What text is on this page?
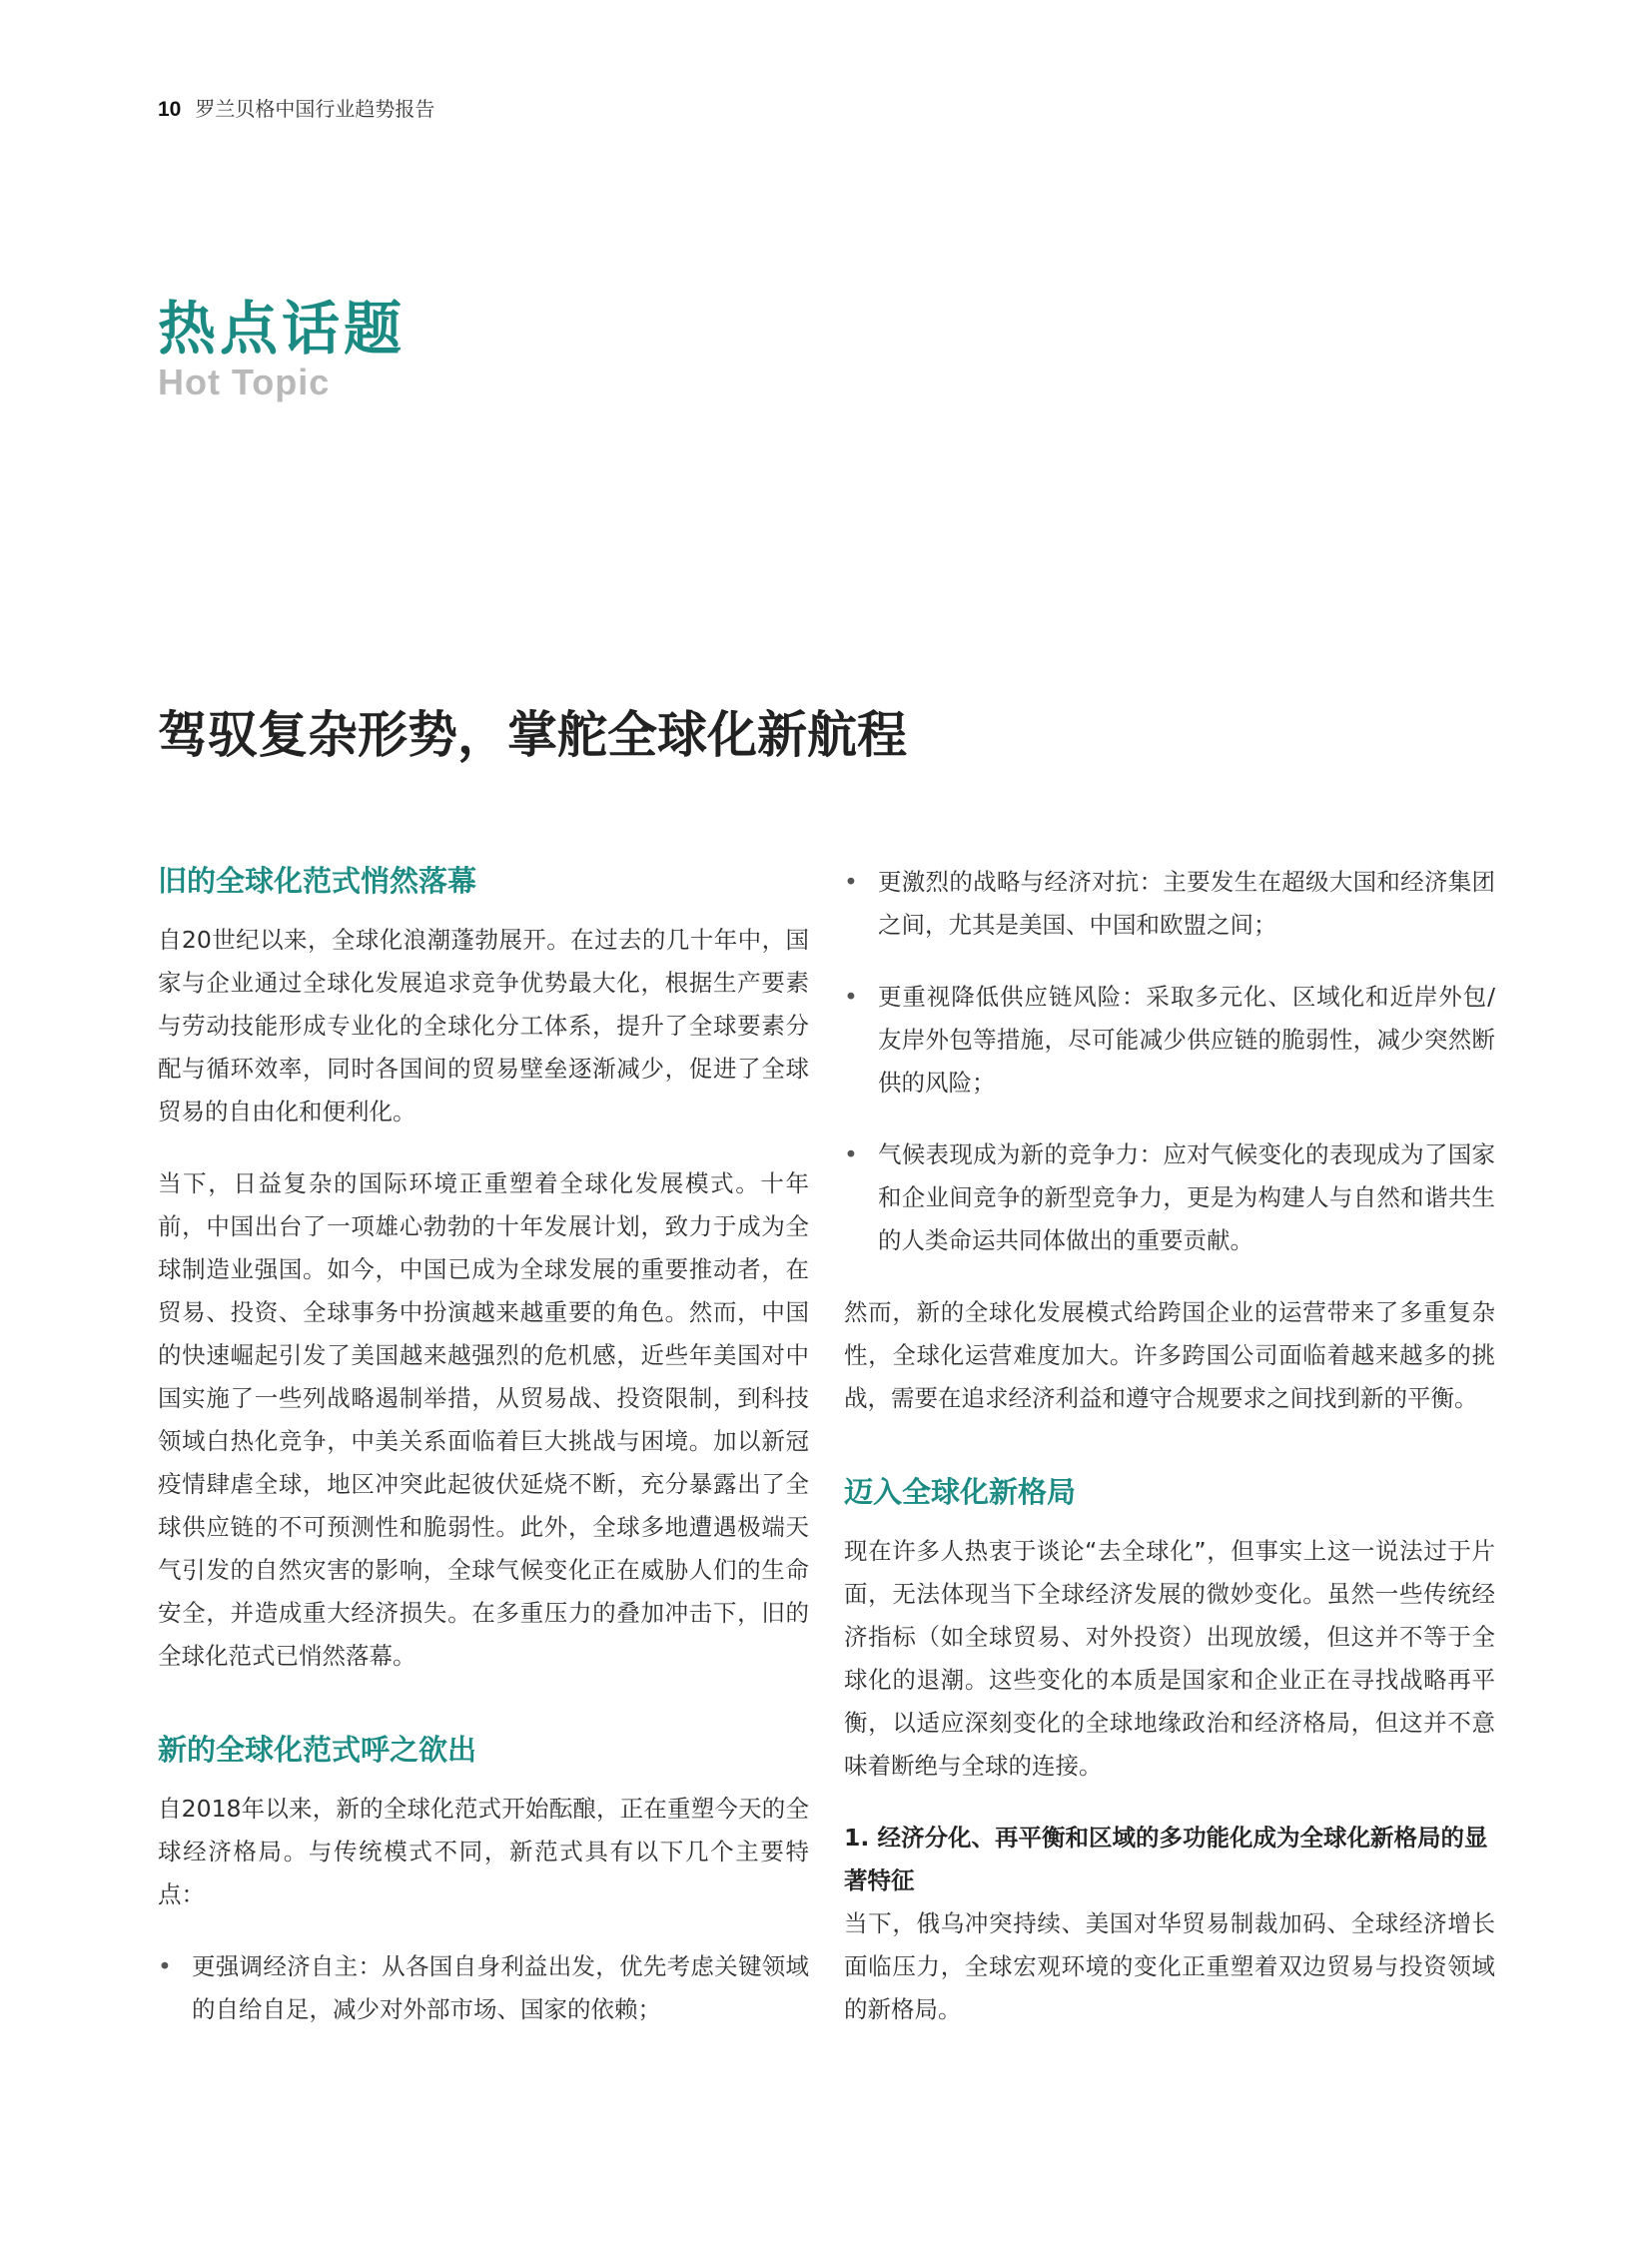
10 罗兰贝格中国行业趋势报告
热点话题
Hot Topic
驾驭复杂形势，掌舵全球化新航程
旧的全球化范式悄然落幕

自20世纪以来，全球化浪潮蓬勃展开。在过去的几十年中，国家与企业通过全球化发展追求竞争优势最大化，根据生产要素与劳动技能形成专业化的全球化分工体系，提升了全球要素分配与循环效率，同时各国间的贸易壁垒逐渐减少，促进了全球贸易的自由化和便利化。

当下，日益复杂的国际环境正重塑着全球化发展模式。十年前，中国出台了一项雄心勃勃的十年发展计划，致力于成为全球制造业强国。如今，中国已成为全球发展的重要推动者，在贸易、投资、全球事务中扮演越来越重要的角色。然而，中国的快速崛起引发了美国越来越强烈的危机感，近些年美国对中国实施了一些列战略遏制举措，从贸易战、投资限制，到科技领域白热化竞争，中美关系面临着巨大挑战与困境。加以新冠疫情肆虐全球，地区冲突此起彼伏延烧不断，充分暴露出了全球供应链的不可预测性和脆弱性。此外，全球多地遭遇极端天气引发的自然灾害的影响，全球气候变化正在威胁人们的生命安全，并造成重大经济损失。在多重压力的叠加冲击下，旧的全球化范式已悄然落幕。

新的全球化范式呼之欲出

自2018年以来，新的全球化范式开始酝酿，正在重塑今天的全球经济格局。与传统模式不同，新范式具有以下几个主要特点：

• 更强调经济自主：从各国自身利益出发，优先考虑关键领域的自给自足，减少对外部市场、国家的依赖；
• 更激烈的战略与经济对抗：主要发生在超级大国和经济集团之间，尤其是美国、中国和欧盟之间；
• 更重视降低供应链风险：采取多元化、区域化和近岸外包/友岸外包等措施，尽可能减少供应链的脆弱性，减少突然断供的风险；
• 气候表现成为新的竞争力：应对气候变化的表现成为了国家和企业间竞争的新型竞争力，更是为构建人与自然和谐共生的人类命运共同体做出的重要贡献。

然而，新的全球化发展模式给跨国企业的运营带来了多重复杂性，全球化运营难度加大。许多跨国公司面临着越来越多的挑战，需要在追求经济利益和遵守合规要求之间找到新的平衡。

迈入全球化新格局

现在许多人热衷于谈论“去全球化”，但事实上这一说法过于片面，无法体现当下全球经济发展的微妙变化。虽然一些传统经济指标（如全球贸易、对外投资）出现放缓，但这并不等于全球化的退潮。这些变化的本质是国家和企业正在寻找战略再平衡，以适应深刻变化的全球地缘政治和经济格局，但这并不意味着断绝与全球的连接。

1. 经济分化、再平衡和区域的多功能化成为全球化新格局的显著特征

当下，俄乌冲突持续、美国对华贸易制裁加码、全球经济增长面临压力，全球宏观环境的变化正重塑着双边贸易与投资领域的新格局。
